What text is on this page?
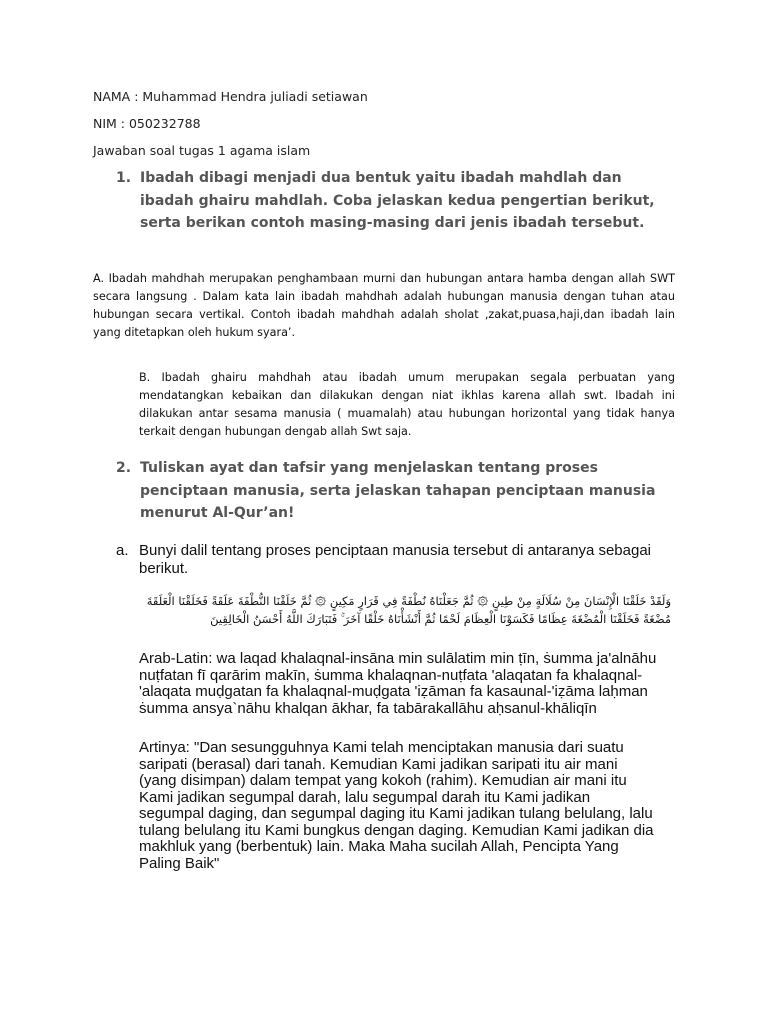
NAMA : Muhammad Hendra juliadi setiawan
NIM : 050232788
Jawaban soal tugas 1 agama islam
1. Ibadah dibagi menjadi dua bentuk yaitu ibadah mahdlah dan ibadah ghairu mahdlah. Coba jelaskan kedua pengertian berikut, serta berikan contoh masing-masing dari jenis ibadah tersebut.
A. Ibadah mahdhah merupakan penghambaan murni dan hubungan antara hamba dengan allah SWT secara langsung . Dalam kata lain ibadah mahdhah adalah hubungan manusia dengan tuhan atau hubungan secara vertikal. Contoh ibadah mahdhah adalah sholat ,zakat,puasa,haji,dan ibadah lain yang ditetapkan oleh hukum syara’.
B. Ibadah ghairu mahdhah atau ibadah umum merupakan segala perbuatan yang mendatangkan kebaikan dan dilakukan dengan niat ikhlas karena allah swt. Ibadah ini dilakukan antar sesama manusia ( muamalah) atau hubungan horizontal yang tidak hanya terkait dengan hubungan dengab allah Swt saja.
2. Tuliskan ayat dan tafsir yang menjelaskan tentang proses penciptaan manusia, serta jelaskan tahapan penciptaan manusia menurut Al-Qur’an!
a. Bunyi dalil tentang proses penciptaan manusia tersebut di antaranya sebagai berikut.
وَلَقَدْ خَلَقْنَا الْإِنْسَانَ مِنْ سُلَالَةٍ مِنْ طِينٍ ۞ ثُمَّ جَعَلْنَاهُ نُطْفَةً فِي قَرَارٍ مَكِينٍ ۞ ثُمَّ خَلَقْنَا النُّطْفَةَ عَلَقَةً فَخَلَقْنَا الْعَلَقَةَ مُضْغَةً فَخَلَقْنَا الْمُضْغَةَ عِظَامًا فَكَسَوْنَا الْعِظَامَ لَحْمًا ثُمَّ أَنْشَأْنَاهُ خَلْقًا آخَرَ ۚ فَتَبَارَكَ اللَّهُ أَحْسَنُ الْخَالِقِينَ
Arab-Latin: wa laqad khalaqnal-insāna min sulālatim min ṭīn, ṡumma ja'alnāhu
nuṭfatan fī qarārim makīn, ṡumma khalaqnan-nuṭfata 'alaqatan fa khalaqnal-
'alaqata muḍgatan fa khalaqnal-muḍgata 'iẓāman fa kasaunal-'iẓāma laḥman
ṡumma ansya`nāhu khalqan ākhar, fa tabārakallāhu aḥsanul-khāliqīn
Artinya: "Dan sesungguhnya Kami telah menciptakan manusia dari suatu
saripati (berasal) dari tanah. Kemudian Kami jadikan saripati itu air mani
(yang disimpan) dalam tempat yang kokoh (rahim). Kemudian air mani itu
Kami jadikan segumpal darah, lalu segumpal darah itu Kami jadikan
segumpal daging, dan segumpal daging itu Kami jadikan tulang belulang, lalu
tulang belulang itu Kami bungkus dengan daging. Kemudian Kami jadikan dia
makhluk yang (berbentuk) lain. Maka Maha sucilah Allah, Pencipta Yang
Paling Baik"
